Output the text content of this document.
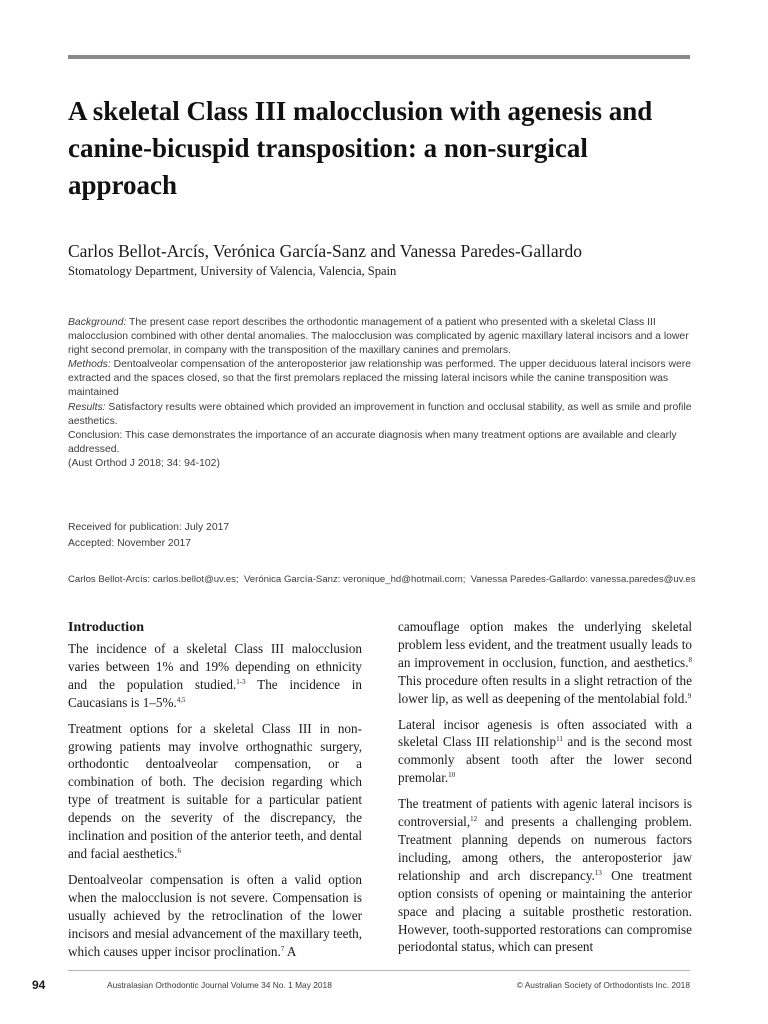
A skeletal Class III malocclusion with agenesis and canine-bicuspid transposition: a non-surgical approach
Carlos Bellot-Arcís, Verónica García-Sanz and Vanessa Paredes-Gallardo
Stomatology Department, University of Valencia, Valencia, Spain

Background: The present case report describes the orthodontic management of a patient who presented with a skeletal Class III malocclusion combined with other dental anomalies. The malocclusion was complicated by agenic maxillary lateral incisors and a lower right second premolar, in company with the transposition of the maxillary canines and premolars.

Methods: Dentoalveolar compensation of the anteroposterior jaw relationship was performed. The upper deciduous lateral incisors were extracted and the spaces closed, so that the first premolars replaced the missing lateral incisors while the canine transposition was maintained

Results: Satisfactory results were obtained which provided an improvement in function and occlusal stability, as well as smile and profile aesthetics.

Conclusion: This case demonstrates the importance of an accurate diagnosis when many treatment options are available and clearly addressed.

(Aust Orthod J 2018; 34: 94-102)

Received for publication: July 2017
Accepted: November 2017
Carlos Bellot-Arcís: carlos.bellot@uv.es; Verónica García-Sanz: veronique_hd@hotmail.com; Vanessa Paredes-Gallardo: vanessa.paredes@uv.es
Introduction

The incidence of a skeletal Class III malocclusion varies between 1% and 19% depending on ethnicity and the population studied.$^{1-3}$ The incidence in Caucasians is 1–5%.$^{4,5}$

Treatment options for a skeletal Class III in non-growing patients may involve orthognathic surgery, orthodontic dentoalveolar compensation, or a combination of both. The decision regarding which type of treatment is suitable for a particular patient depends on the severity of the discrepancy, the inclination and position of the anterior teeth, and dental and facial aesthetics.$^6$

Dentoalveolar compensation is often a valid option when the malocclusion is not severe. Compensation is usually achieved by the retroclination of the lower incisors and mesial advancement of the maxillary teeth, which causes upper incisor proclination.$^7$ A

camouflage option makes the underlying skeletal problem less evident, and the treatment usually leads to an improvement in occlusion, function, and aesthetics.$^8$ This procedure often results in a slight retraction of the lower lip, as well as deepening of the mentolabial fold.$^9$

Lateral incisor agenesis is often associated with a skeletal Class III relationship$^{11}$ and is the second most commonly absent tooth after the lower second premolar.$^{10}$

The treatment of patients with agenic lateral incisors is controversial,$^{12}$ and presents a challenging problem. Treatment planning depends on numerous factors including, among others, the anteroposterior jaw relationship and arch discrepancy.$^{13}$ One treatment option consists of opening or maintaining the anterior space and placing a suitable prosthetic restoration. However, tooth-supported restorations can compromise periodontal status, which can present

94	Australasian Orthodontic Journal Volume 34 No. 1 May 2018	© Australian Society of Orthodontists Inc. 2018
